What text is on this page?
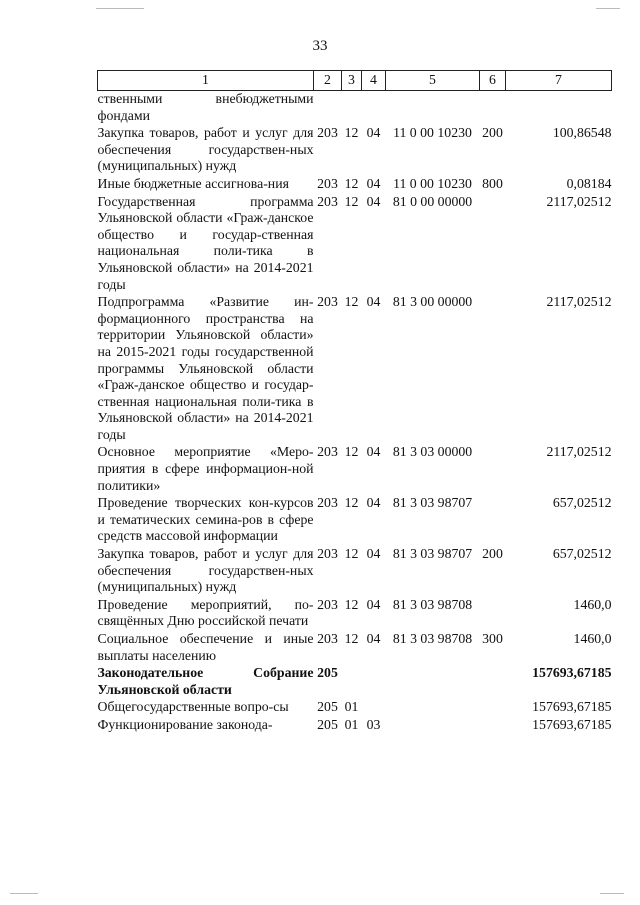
33
1	2	3	4	5	6	7
ственными внебюджетными фондами						
Закупка товаров, работ и услуг для обеспечения государствен-ных (муниципальных) нужд	203	12	04	11 0 00 10230	200	100,86548
Иные бюджетные ассигнова-ния	203	12	04	11 0 00 10230	800	0,08184
Государственная программа Ульяновской области «Граж-данское общество и государ-ственная национальная поли-тика в Ульяновской области» на 2014-2021 годы	203	12	04	81 0 00 00000		2117,02512
Подпрограмма «Развитие ин-формационного пространства на территории Ульяновской области» на 2015-2021 годы государственной программы Ульяновской области «Граж-данское общество и государ-ственная национальная поли-тика в Ульяновской области» на 2014-2021 годы	203	12	04	81 3 00 00000		2117,02512
Основное мероприятие «Меро-приятия в сфере информацион-ной политики»	203	12	04	81 3 03 00000		2117,02512
Проведение творческих кон-курсов и тематических семина-ров в сфере средств массовой информации	203	12	04	81 3 03 98707		657,02512
Закупка товаров, работ и услуг для обеспечения государствен-ных (муниципальных) нужд	203	12	04	81 3 03 98707	200	657,02512
Проведение мероприятий, по-свящённых Дню российской печати	203	12	04	81 3 03 98708		1460,0
Социальное обеспечение и иные выплаты населению	203	12	04	81 3 03 98708	300	1460,0
Законодательное Собрание Ульяновской области	205					157693,67185
Общегосударственные вопро-сы	205	01				157693,67185
Функционирование законода-	205	01	03			157693,67185
